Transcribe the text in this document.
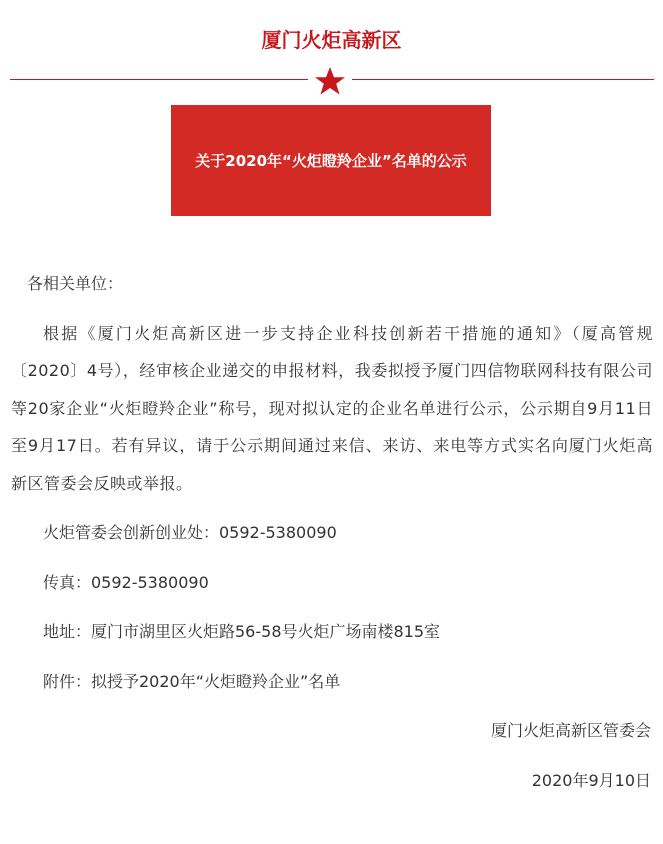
厦门火炬高新区
关于2020年“火炬瞪羚企业”名单的公示

各相关单位：

根据《厦门火炬高新区进一步支持企业科技创新若干措施的通知》（厦高管规〔2020〕4号），经审核企业递交的申报材料，我委拟授予厦门四信物联网科技有限公司等20家企业“火炬瞪羚企业”称号，现对拟认定的企业名单进行公示，公示期自9月11日至9月17日。若有异议，请于公示期间通过来信、来访、来电等方式实名向厦门火炬高新区管委会反映或举报。

火炬管委会创新创业处：0592-5380090

传真：0592-5380090

地址：厦门市湖里区火炬路56-58号火炬广场南楼815室

附件：拟授予2020年“火炬瞪羚企业”名单

厦门火炬高新区管委会

2020年9月10日
